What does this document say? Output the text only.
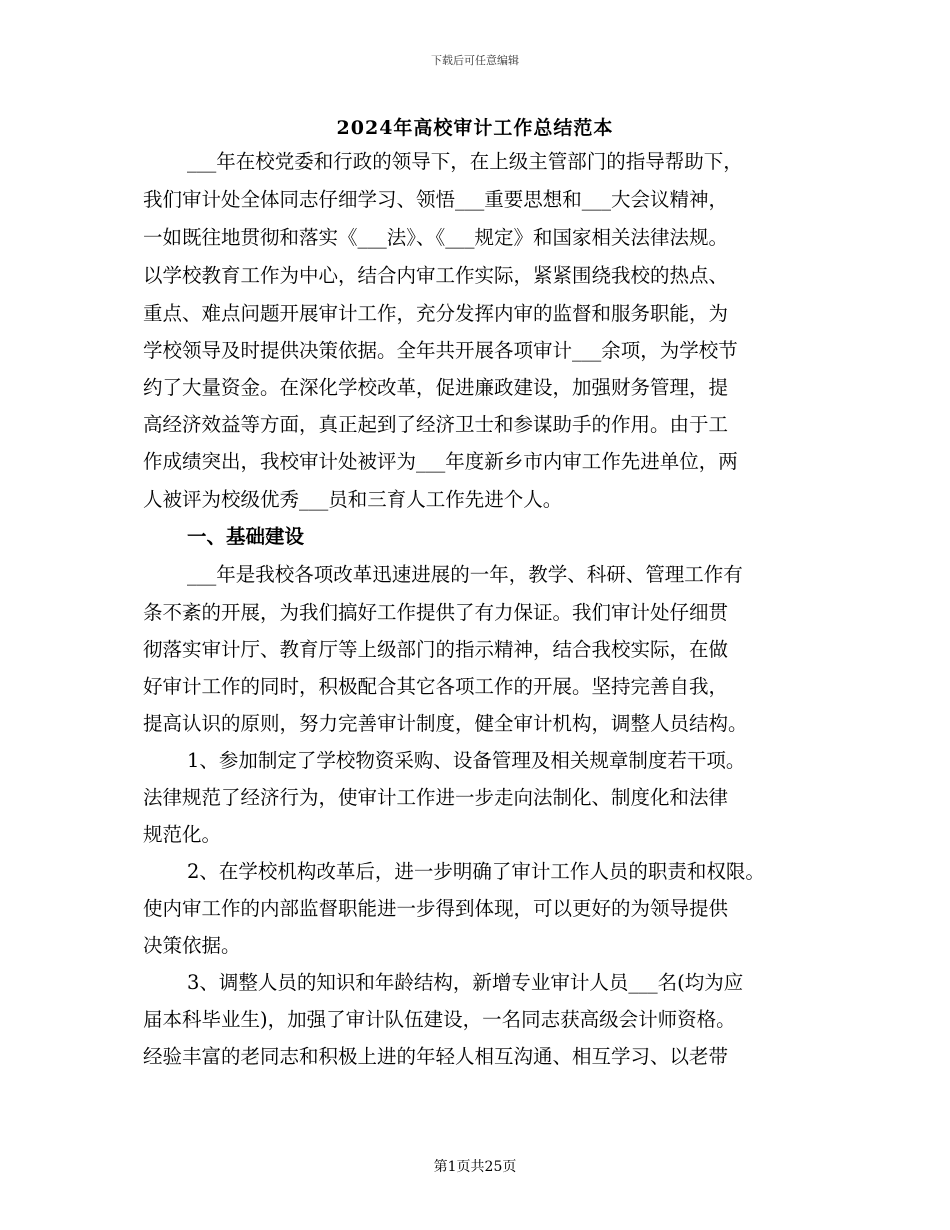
下载后可任意编辑
2024年高校审计工作总结范本
___年在校党委和行政的领导下，在上级主管部门的指导帮助下，
我们审计处全体同志仔细学习、领悟___重要思想和___大会议精神，
一如既往地贯彻和落实《___法》、《___规定》和国家相关法律法规。
以学校教育工作为中心，结合内审工作实际，紧紧围绕我校的热点、
重点、难点问题开展审计工作，充分发挥内审的监督和服务职能，为
学校领导及时提供决策依据。全年共开展各项审计___余项，为学校节
约了大量资金。在深化学校改革，促进廉政建设，加强财务管理，提
高经济效益等方面，真正起到了经济卫士和参谋助手的作用。由于工
作成绩突出，我校审计处被评为___年度新乡市内审工作先进单位，两
人被评为校级优秀___员和三育人工作先进个人。
一、基础建设
___年是我校各项改革迅速进展的一年，教学、科研、管理工作有
条不紊的开展，为我们搞好工作提供了有力保证。我们审计处仔细贯
彻落实审计厅、教育厅等上级部门的指示精神，结合我校实际，在做
好审计工作的同时，积极配合其它各项工作的开展。坚持完善自我，
提高认识的原则，努力完善审计制度，健全审计机构，调整人员结构。
1、参加制定了学校物资采购、设备管理及相关规章制度若干项。
法律规范了经济行为，使审计工作进一步走向法制化、制度化和法律
规范化。
2、在学校机构改革后，进一步明确了审计工作人员的职责和权限。
使内审工作的内部监督职能进一步得到体现，可以更好的为领导提供
决策依据。
3、调整人员的知识和年龄结构，新增专业审计人员___名(均为应
届本科毕业生)，加强了审计队伍建设，一名同志获高级会计师资格。
经验丰富的老同志和积极上进的年轻人相互沟通、相互学习、以老带
第1页共25页
